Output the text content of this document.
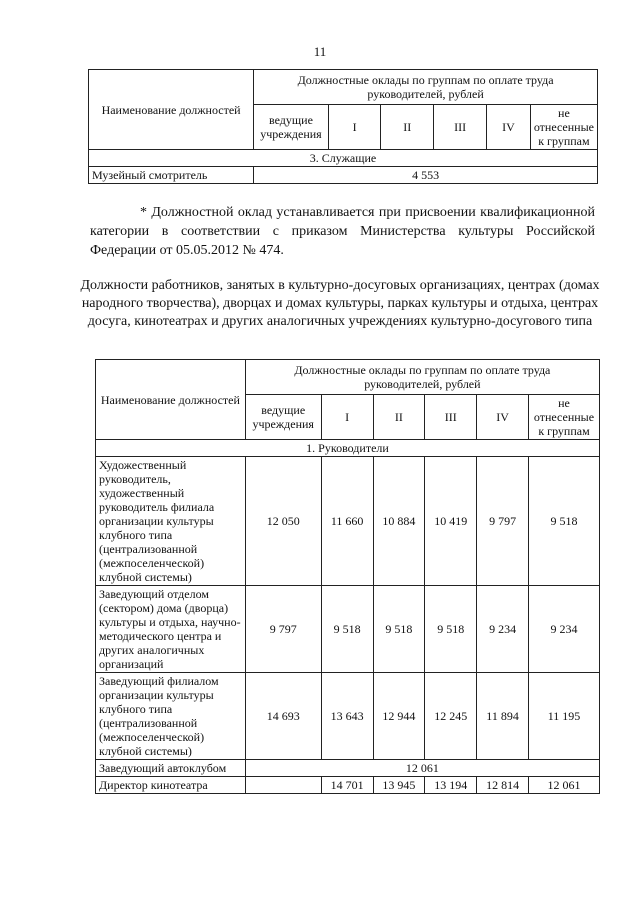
11
Наименование должностей	Должностные оклады по группам по оплате труда руководителей, рублей					
	ведущие учреждения	I	II	III	IV	не отнесенные к группам
3. Служащие						
Музейный смотритель	4 553					
* Должностной оклад устанавливается при присвоении квалификационной категории в соответствии с приказом Министерства культуры Российской Федерации от 05.05.2012 № 474.
Должности работников, занятых в культурно-досуговых организациях, центрах (домах народного творчества), дворцах и домах культуры, парках культуры и отдыха, центрах досуга, кинотеатрах и других аналогичных учреждениях культурно-досугового типа
Наименование должностей	Должностные оклады по группам по оплате труда руководителей, рублей					
	ведущие учреждения	I	II	III	IV	не отнесенные к группам
1. Руководители						
Художественный руководитель, художественный руководитель филиала организации культуры клубного типа (централизованной (межпоселенческой) клубной системы)	12 050	11 660	10 884	10 419	9 797	9 518
Заведующий отделом (сектором) дома (дворца) культуры и отдыха, научно-методического центра и других аналогичных организаций	9 797	9 518	9 518	9 518	9 234	9 234
Заведующий филиалом организации культуры клубного типа (централизованной (межпоселенческой) клубной системы)	14 693	13 643	12 944	12 245	11 894	11 195
Заведующий автоклубом	12 061					
Директор кинотеатра		14 701	13 945	13 194	12 814	12 061
